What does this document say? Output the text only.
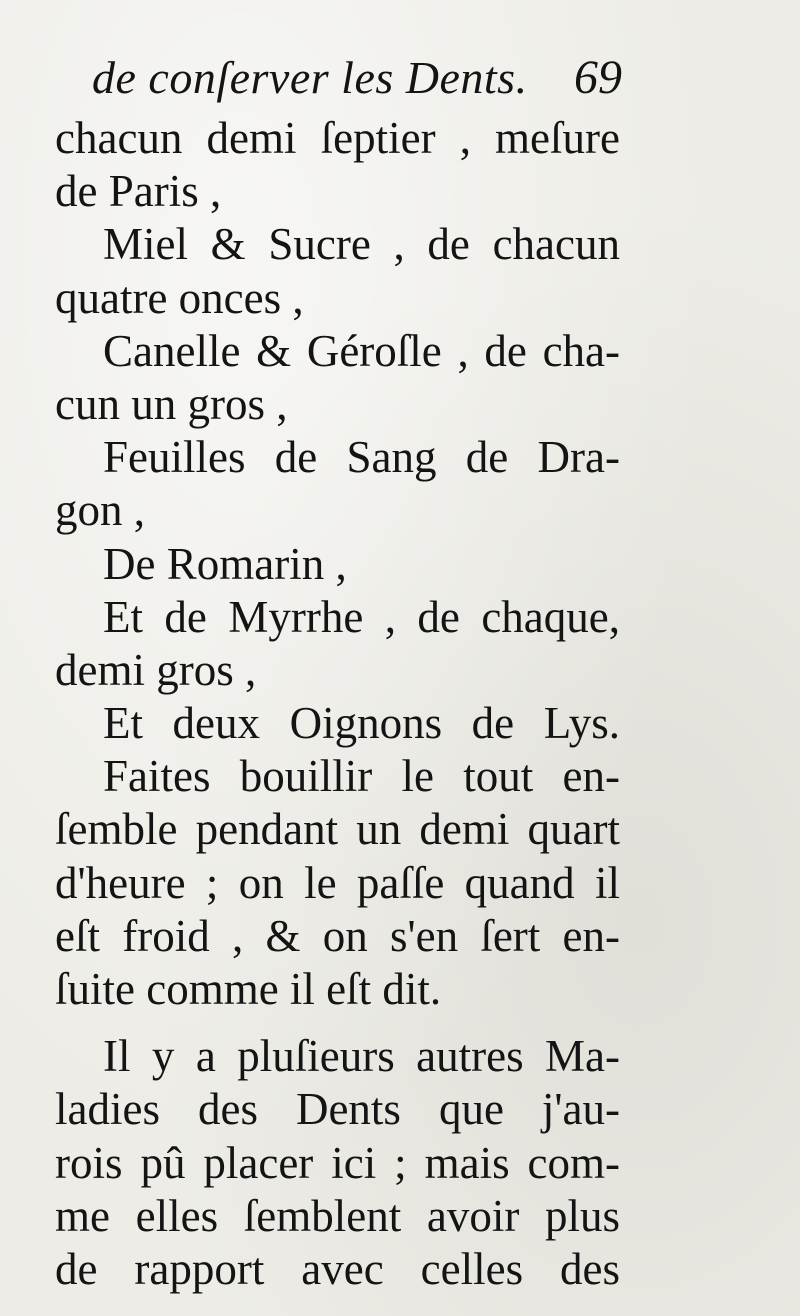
de conſerver les Dents. 69
chacun demi ſeptier , meſure
de Paris ,
Miel & Sucre , de chacun
quatre onces ,
Canelle & Géroſle , de cha-
cun un gros ,
Feuilles de Sang de Dra-
gon ,
De Romarin ,
Et de Myrrhe , de chaque,
demi gros ,
Et deux Oignons de Lys.
Faites bouillir le tout en-
ſemble pendant un demi quart
d'heure ; on le paſſe quand il
eſt froid , & on s'en ſert en-
ſuite comme il eſt dit.
Il y a pluſieurs autres Ma-
ladies des Dents que j'au-
rois pû placer ici ; mais com-
me elles ſemblent avoir plus
de rapport avec celles des
